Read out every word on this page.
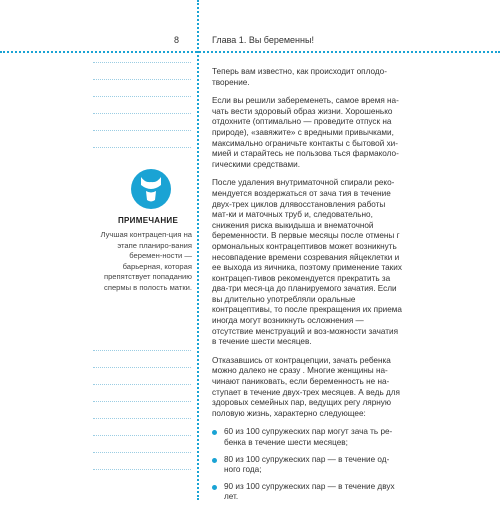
8	Глава 1. Вы беременны!
ПРИМЕЧАНИЕ
Лучшая контрацеп-ция на этапе планиро-вания беремен-ности — барьерная, которая препятствует попаданию спермы в полость матки.

Теперь вам известно, как происходит оплодо-творение.

Если вы решили забеременеть, самое время на-чать вести здоровый образ жизни. Хорошенько отдохните (оптимально — проведите отпуск на природе), «завяжите» с вредными привычками, максимально ограничьте контакты с бытовой хи-мией и старайтесь не пользова ться фармаколо-гическими средствами.

После удаления внутриматочной спирали реко-мендуется воздержаться от зача тия в течение двух-трех циклов длявосстановления работы мат-ки и маточных труб и, следовательно, снижения риска выкидыша и внематочной беременности. В первые месяцы после отмены г ормональных контрацептивов может возникнуть несовпадение времени созревания яйцеклетки и ее выхода из яичника, поэтому применение таких контрацеп-тивов рекомендуется прекратить за два-три меся-ца до планируемого зачатия. Если вы длительно употребляли оральные контрацептивы, то после прекращения их приема иногда могут возникнуть осложнения — отсутствие менструаций и воз-можности зачатия в течение шести месяцев.

Отказавшись от контрацепции, зачать ребенка можно далеко не сразу . Многие женщины на-чинают паниковать, если беременность не на-ступает в течение двух-трех месяцев. А ведь для здоровых семейных пар, ведущих регу лярную половую жизнь, характерно следующее:

60 из 100 супружеских пар могут зача ть ре-бенка в течение шести месяцев;
80 из 100 супружеских пар — в течение од-ного года;
90 из 100 супружеских пар — в течение двух лет.
